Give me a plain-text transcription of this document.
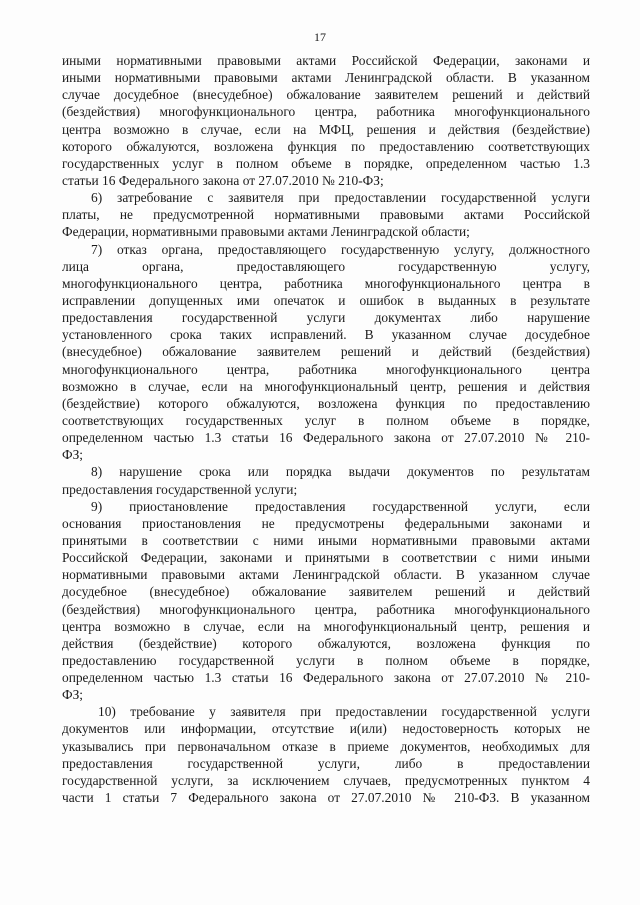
17
иными нормативными правовыми актами Российской Федерации, законами и
иными нормативными правовыми актами Ленинградской области. В указанном
случае досудебное (внесудебное) обжалование заявителем решений и действий
(бездействия) многофункционального центра, работника многофункционального
центра возможно в случае, если на МФЦ, решения и действия (бездействие)
которого обжалуются, возложена функция по предоставлению соответствующих
государственных услуг в полном объеме в порядке, определенном частью 1.3
статьи 16 Федерального закона от 27.07.2010 № 210-ФЗ;
6) затребование с заявителя при предоставлении государственной услуги
платы, не предусмотренной нормативными правовыми актами Российской
Федерации, нормативными правовыми актами Ленинградской области;
7) отказ органа, предоставляющего государственную услугу, должностного
лица органа, предоставляющего государственную услугу,
многофункционального центра, работника многофункционального центра в
исправлении допущенных ими опечаток и ошибок в выданных в результате
предоставления государственной услуги документах либо нарушение
установленного срока таких исправлений. В указанном случае досудебное
(внесудебное) обжалование заявителем решений и действий (бездействия)
многофункционального центра, работника многофункционального центра
возможно в случае, если на многофункциональный центр, решения и действия
(бездействие) которого обжалуются, возложена функция по предоставлению
соответствующих государственных услуг в полном объеме в порядке,
определенном частью 1.3 статьи 16 Федерального закона от 27.07.2010 № 210-
ФЗ;
8) нарушение срока или порядка выдачи документов по результатам
предоставления государственной услуги;
9) приостановление предоставления государственной услуги, если
основания приостановления не предусмотрены федеральными законами и
принятыми в соответствии с ними иными нормативными правовыми актами
Российской Федерации, законами и принятыми в соответствии с ними иными
нормативными правовыми актами Ленинградской области. В указанном случае
досудебное (внесудебное) обжалование заявителем решений и действий
(бездействия) многофункционального центра, работника многофункционального
центра возможно в случае, если на многофункциональный центр, решения и
действия (бездействие) которого обжалуются, возложена функция по
предоставлению государственной услуги в полном объеме в порядке,
определенном частью 1.3 статьи 16 Федерального закона от 27.07.2010 № 210-
ФЗ;
10) требование у заявителя при предоставлении государственной услуги
документов или информации, отсутствие и(или) недостоверность которых не
указывались при первоначальном отказе в приеме документов, необходимых для
предоставления государственной услуги, либо в предоставлении
государственной услуги, за исключением случаев, предусмотренных пунктом 4
части 1 статьи 7 Федерального закона от 27.07.2010 № 210-ФЗ. В указанном
